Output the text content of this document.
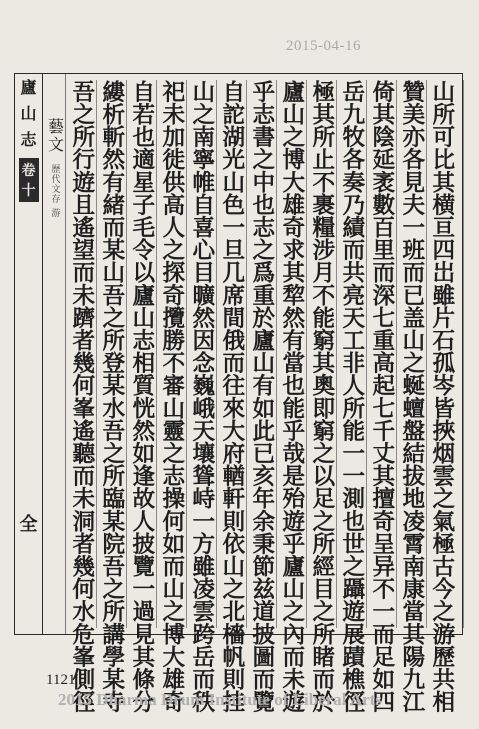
2015-04-16
廬
山
志
卷十
全
藝文
歷代文存 游	山所可比其横亘四岀雖片石孤岑皆挾烟雲之氣極古今之游歷共相
贊美亦各見夫一班而已盖山之蜒蟺盤結拔地凌霄南康當其陽九江
倚其陰延袤數百里而深七重高起七千丈其擅奇呈异不一而足如四
岳九牧各奏乃績而共亮天工非人所能一一測也世之躡遊展蹟樵徑
極其所止不裹糧涉月不能窮其奧即窮之以足之所經目之所睹而於
廬山之博大雄奇求其犂然有當也能乎哉是殆遊乎廬山之內而未遊
乎志書之中也志之爲重於廬山有如此已亥年余秉節兹道披圖而覽
自詑湖光山色一旦几席間俄而往來大府輶軒則依山之北檣帆則挂
山之南寧帷自喜心目曠然因念巍峨天壤聳峙一方雖凌雲跨岳而秩
祀未加徙供高人之探奇攬勝不審山靈之志操何如而山之博大雄奇
自若也適星子毛令以廬山志相質恍然如逢故人披覽一過見其條分
縷析斬然有緒而某山吾之所登某水吾之所臨某院吾之所講學某寺
吾之所行遊且遙望而未躋者幾何峯遙聽而未洞者幾何水危峯側徑
1121
2015 Dharma Drum Institute of Liberal Arts
